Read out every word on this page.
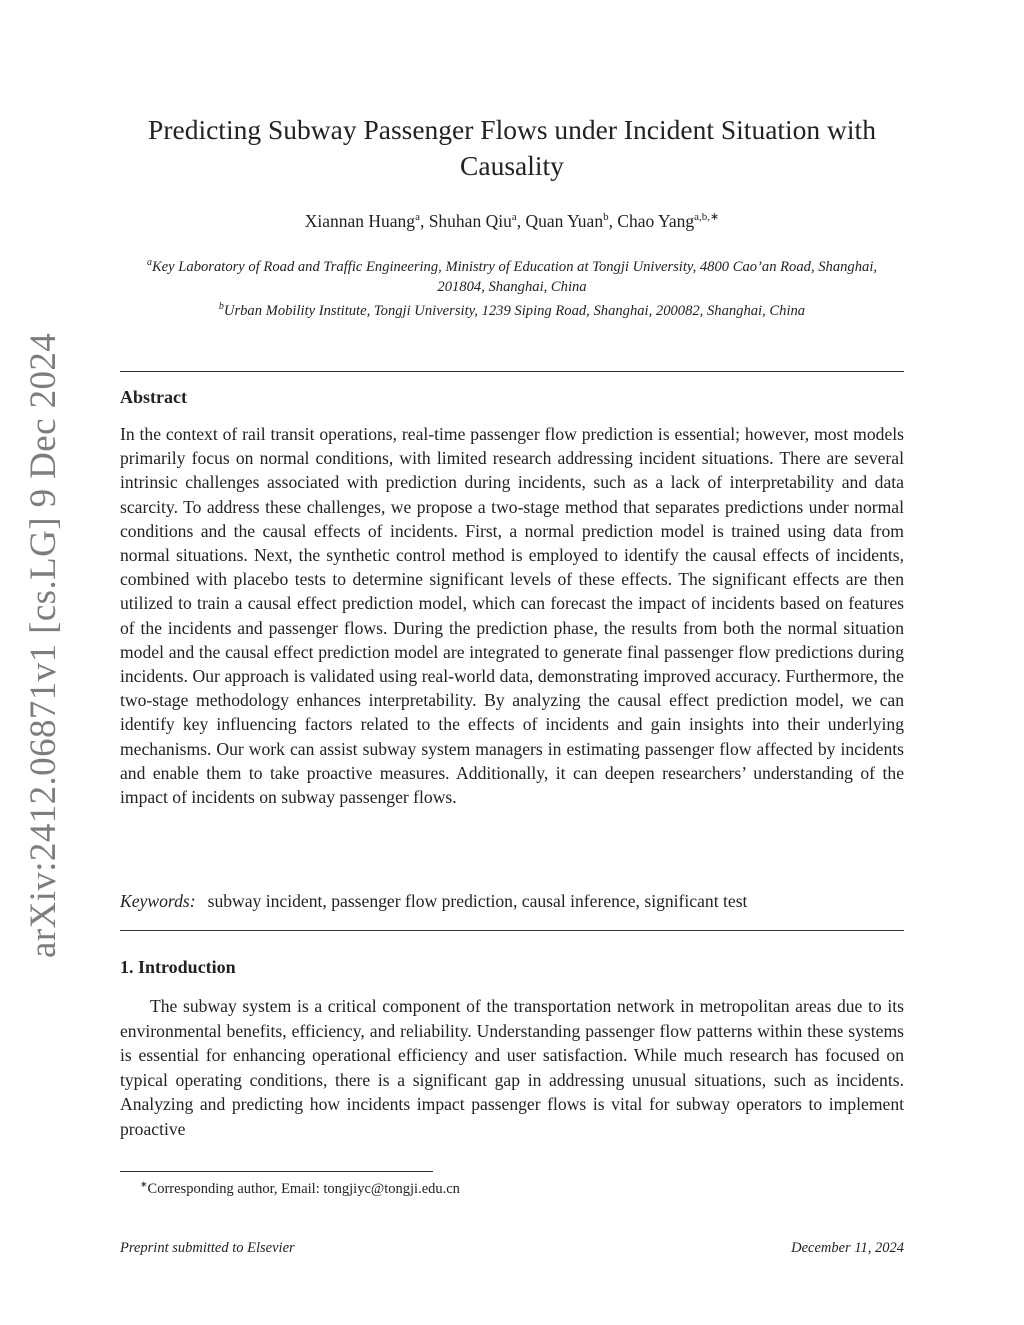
arXiv:2412.06871v1 [cs.LG] 9 Dec 2024
Predicting Subway Passenger Flows under Incident Situation with Causality
Xiannan Huang$^a$, Shuhan Qiu$^a$, Quan Yuan$^b$, Chao Yang$^{a,b,∗}$
$^a$Key Laboratory of Road and Traffic Engineering, Ministry of Education at Tongji University, 4800 Cao’an Road, Shanghai, 201804, Shanghai, China
$^b$Urban Mobility Institute, Tongji University, 1239 Siping Road, Shanghai, 200082, Shanghai, China
Abstract
In the context of rail transit operations, real-time passenger flow prediction is essential; however, most models primarily focus on normal conditions, with limited research addressing incident situations. There are several intrinsic challenges associated with prediction during incidents, such as a lack of interpretability and data scarcity. To address these challenges, we propose a two-stage method that separates predictions under normal conditions and the causal effects of incidents. First, a normal prediction model is trained using data from normal situations. Next, the synthetic control method is employed to identify the causal effects of incidents, combined with placebo tests to determine significant levels of these effects. The significant effects are then utilized to train a causal effect prediction model, which can forecast the impact of incidents based on features of the incidents and passenger flows. During the prediction phase, the results from both the normal situation model and the causal effect prediction model are integrated to generate final passenger flow predictions during incidents. Our approach is validated using real-world data, demonstrating improved accuracy. Furthermore, the two-stage methodology enhances interpretability. By analyzing the causal effect prediction model, we can identify key influencing factors related to the effects of incidents and gain insights into their underlying mechanisms. Our work can assist subway system managers in estimating passenger flow affected by incidents and enable them to take proactive measures. Additionally, it can deepen researchers’ understanding of the impact of incidents on subway passenger flows.
Keywords: subway incident, passenger flow prediction, causal inference, significant test
1. Introduction
The subway system is a critical component of the transportation network in metropolitan areas due to its environmental benefits, efficiency, and reliability. Understanding passenger flow patterns within these systems is essential for enhancing operational efficiency and user satisfaction. While much research has focused on typical operating conditions, there is a significant gap in addressing unusual situations, such as incidents. Analyzing and predicting how incidents impact passenger flows is vital for subway operators to implement proactive
∗Corresponding author, Email: tongjiyc@tongji.edu.cn
Preprint submitted to Elsevier	December 11, 2024
